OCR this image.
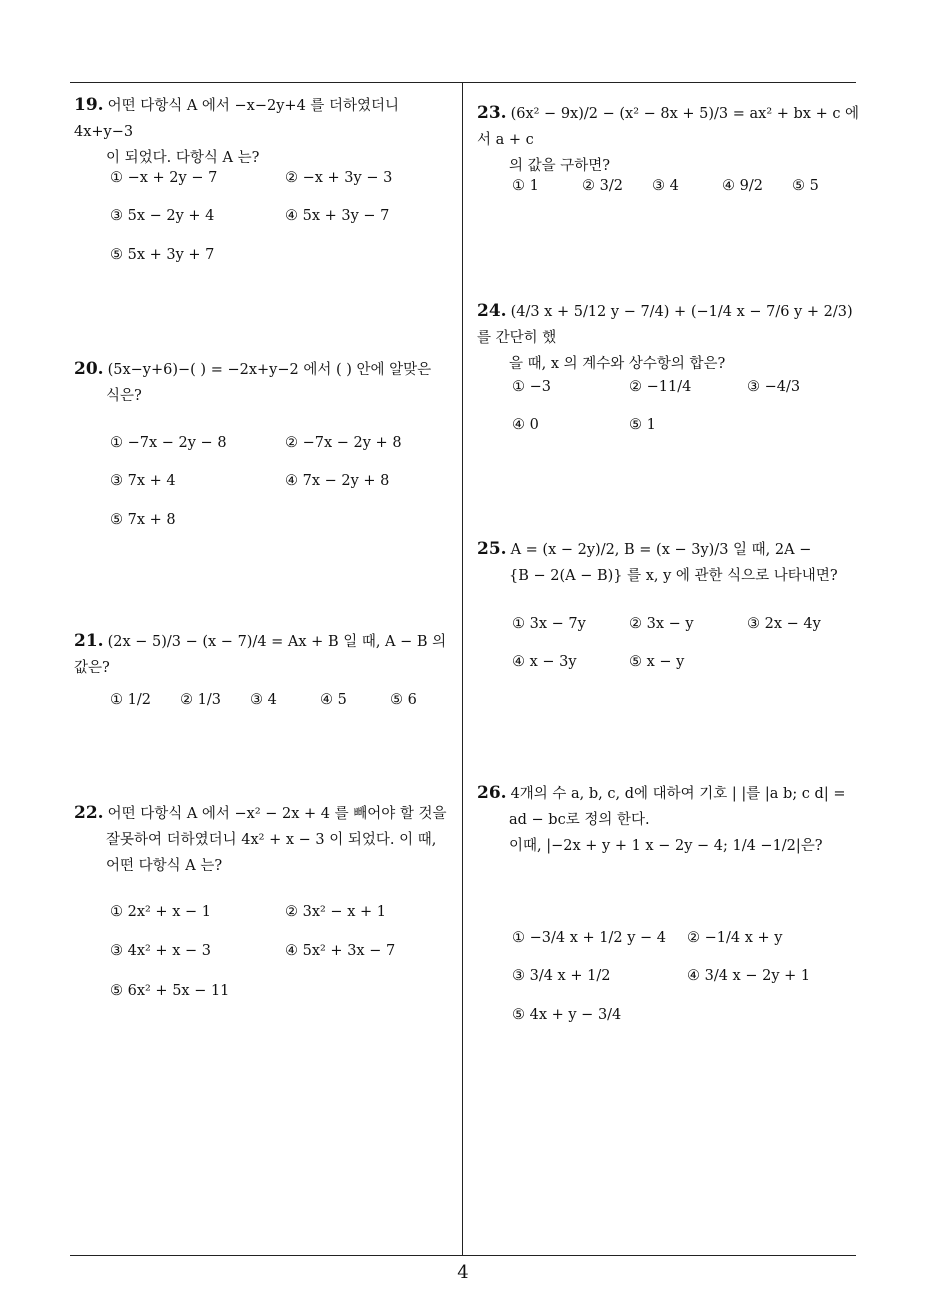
19. 어떤 다항식 A 에서 −x−2y+4 를 더하였더니 4x+y−3
이 되었다. 다항식 A 는?
① −x + 2y − 7	② −x + 3y − 3
③ 5x − 2y + 4	④ 5x + 3y − 7
⑤ 5x + 3y + 7
20. (5x−y+6)−( ) = −2x+y−2 에서 ( ) 안에 알맞은
식은?
① −7x − 2y − 8	② −7x − 2y + 8
③ 7x + 4	④ 7x − 2y + 8
⑤ 7x + 8
21. (2x − 5)/3 − (x − 7)/4 = Ax + B 일 때, A − B 의 값은?
① 1/2 ② 1/3 ③ 4	④ 5	⑤ 6
22. 어떤 다항식 A 에서 −x² − 2x + 4 를 빼어야 할 것을
잘못하여 더하였더니 4x² + x − 3 이 되었다. 이 때,
어떤 다항식 A 는?
① 2x² + x − 1	② 3x² − x + 1
③ 4x² + x − 3	④ 5x² + 3x − 7
⑤ 6x² + 5x − 11
23. (6x² − 9x)/2 − (x² − 8x + 5)/3 = ax² + bx + c 에서 a + c
의 값을 구하면?
① 1	② 3/2 ③ 4	④ 9/2 ⑤ 5
24. (4/3 x + 5/12 y − 7/4) + (−1/4 x − 7/6 y + 2/3)를 간단히 했
을 때, x 의 계수와 상수항의 합은?
① −3	② −11/4	③ −4/3
④ 0	⑤ 1
25. A = (x − 2y)/2, B = (x − 3y)/3 일 때, 2A −
{B − 2(A − B)} 를 x, y 에 관한 식으로 나타내면?
① 3x − 7y	② 3x − y	③ 2x − 4y
④ x − 3y	⑤ x − y
26. 4개의 수 a, b, c, d에 대하여 기호 | |를 |a b; c d| =
ad − bc로 정의 한다.
이때, |−2x + y + 1 x − 2y − 4; 1/4 −1/2|은?
① −3/4 x + 1/2 y − 4 ② −1/4 x + y
③ 3/4 x + 1/2	④ 3/4 x − 2y + 1
⑤ 4x + y − 3/4
4
